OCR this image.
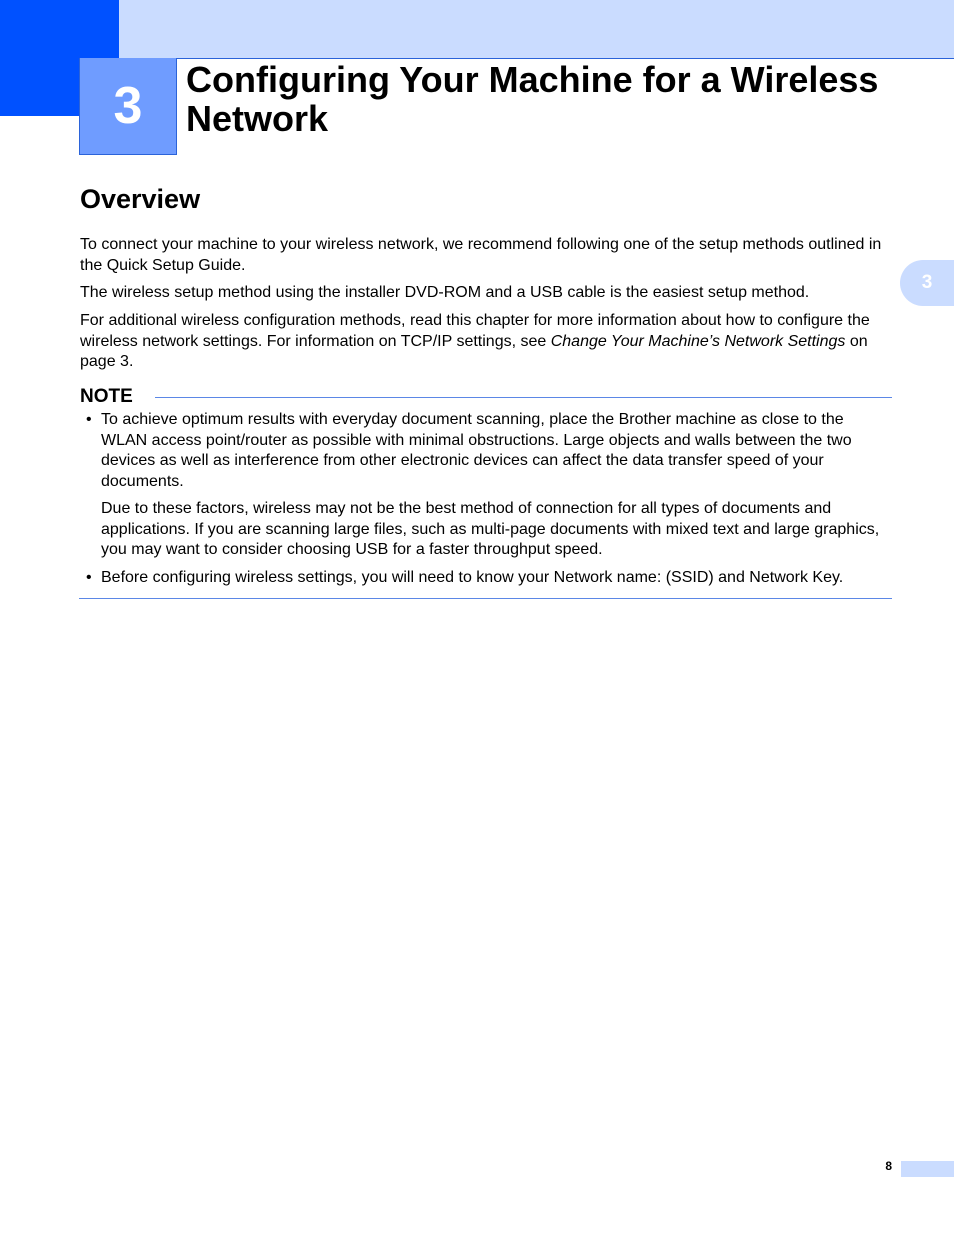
3 Configuring Your Machine for a Wireless Network
3
Overview

To connect your machine to your wireless network, we recommend following one of the setup methods outlined in the Quick Setup Guide.

The wireless setup method using the installer DVD-ROM and a USB cable is the easiest setup method.

For additional wireless configuration methods, read this chapter for more information about how to configure the wireless network settings. For information on TCP/IP settings, see Change Your Machine’s Network Settings on page 3.

NOTE
• To achieve optimum results with everyday document scanning, place the Brother machine as close to the WLAN access point/router as possible with minimal obstructions. Large objects and walls between the two devices as well as interference from other electronic devices can affect the data transfer speed of your documents.

Due to these factors, wireless may not be the best method of connection for all types of documents and applications. If you are scanning large files, such as multi-page documents with mixed text and large graphics, you may want to consider choosing USB for a faster throughput speed.

• Before configuring wireless settings, you will need to know your Network name: (SSID) and Network Key.

8
